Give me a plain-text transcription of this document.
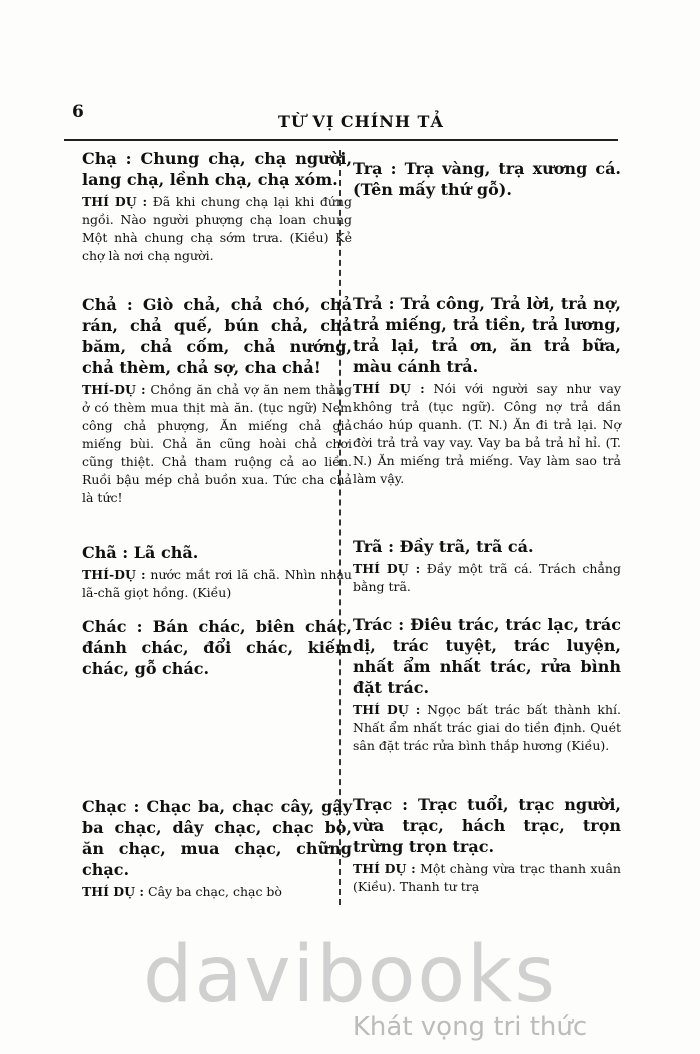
6	TỪ VỊ CHÍNH TẢ
Chạ : Chung chạ, chạ người, lang chạ, lềnh chạ, chạ xóm.
THÍ DỤ : Đã khi chung chạ lại khi đứng ngồi. Nào người phượng chạ loan chung Một nhà chung chạ sớm trưa. (Kiều) Kẻ chợ là nơi chạ người.
Chả : Giò chả, chả chó, chả rán, chả quế, bún chả, chả băm, chả cốm, chả nướng, chả thèm, chả sợ, cha chả!
THÍ-DỤ : Chồng ăn chả vợ ăn nem thằng ở có thèm mua thịt mà ăn. (tục ngữ) Nem công chả phượng, Ăn miếng chả giả miếng bùi. Chả ăn cũng hoài chả chơi cũng thiệt. Chả tham ruộng cả ao liền. Ruồi bậu mép chả buồn xua. Tức cha chả là tức!
Chã : Lã chã.
THÍ-DỤ : nước mắt rơi lã chã. Nhìn nhau lã-chã giọt hồng. (Kiều)
Chác : Bán chác, biên chác, đánh chác, đổi chác, kiếm chác, gỗ chác.
Chạc : Chạc ba, chạc cây, gậy ba chạc, dây chạc, chạc bò, ăn chạc, mua chạc, chững chạc.
THÍ DỤ : Cây ba chạc, chạc bò
Trạ : Trạ vàng, trạ xương cá. (Tên mấy thứ gỗ).
Trả : Trả công, Trả lời, trả nợ, trả miếng, trả tiền, trả lương, trả lại, trả ơn, ăn trả bữa, màu cánh trả.
THÍ DỤ : Nói với người say như vay không trả (tục ngữ). Công nợ trả dần cháo húp quanh. (T. N.) Ăn đi trả lại. Nợ đời trả trả vay vay. Vay ba bả trả hỉ hỉ. (T. N.) Ăn miếng trả miếng. Vay làm sao trả làm vậy.
Trã : Đầy trã, trã cá.
THÍ DỤ : Đầy một trã cá. Trách chẳng bằng trã.
Trác : Điêu trác, trác lạc, trác dị, trác tuyệt, trác luyện, nhất ẩm nhất trác, rửa bình đặt trác.
THÍ DỤ : Ngọc bất trác bất thành khí. Nhất ẩm nhất trác giai do tiền định. Quét sân đặt trác rửa bình thắp hương (Kiều).
Trạc : Trạc tuổi, trạc người, vừa trạc, hách trạc, trọn trừng trọn trạc.
THÍ DỤ : Một chàng vừa trạc thanh xuân (Kiều). Thanh tư trạ
davibooks
Khát vọng tri thức
